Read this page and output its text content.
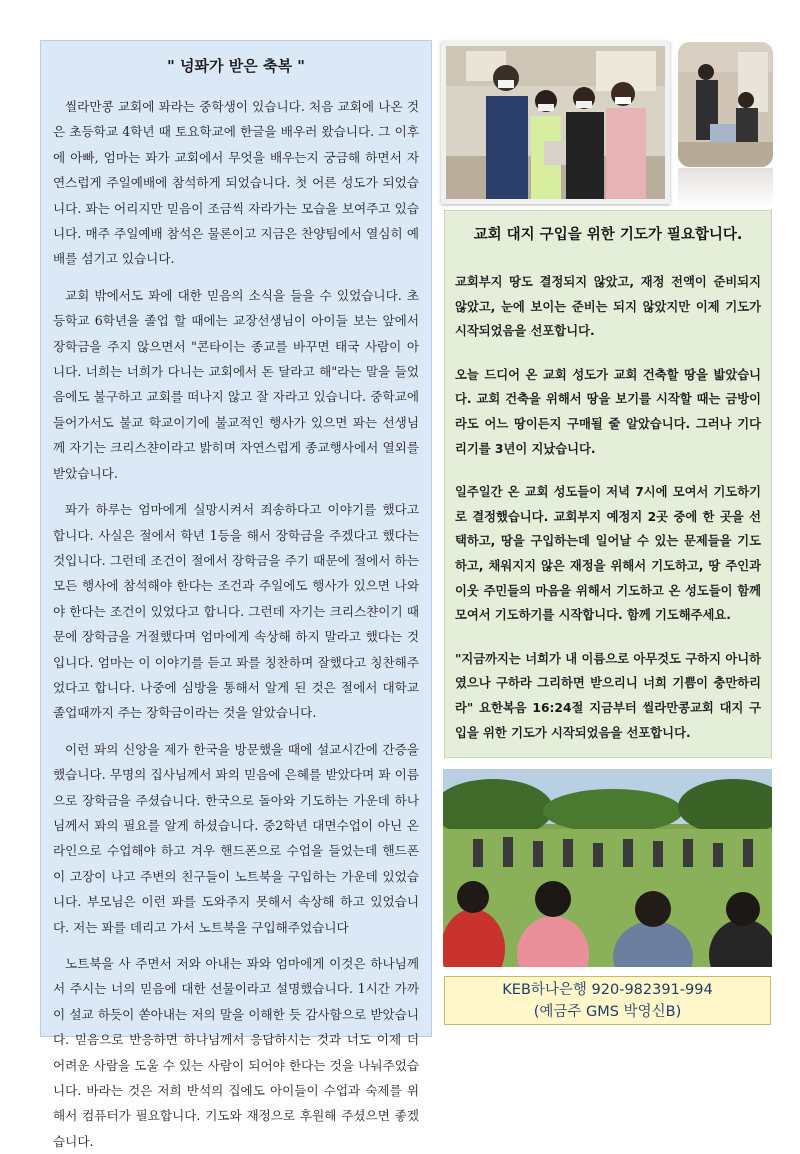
" 넝퐈가 받은 축복 "

씰라만콩 교회에 퐈라는 중학생이 있습니다. 처음 교회에 나온 것은 초등학교 4학년 때 토요학교에 한글을 배우러 왔습니다. 그 이후에 아빠, 엄마는 퐈가 교회에서 무엇을 배우는지 궁금해 하면서 자연스럽게 주일예배에 참석하게 되었습니다. 첫 어른 성도가 되었습니다. 퐈는 어리지만 믿음이 조금씩 자라가는 모습을 보여주고 있습니다. 매주 주일예배 참석은 물론이고 지금은 찬양팀에서 열심히 예배를 섬기고 있습니다.

교회 밖에서도 퐈에 대한 믿음의 소식을 들을 수 있었습니다. 초등학교 6학년을 졸업 할 때에는 교장선생님이 아이들 보는 앞에서 장학금을 주지 않으면서 "콘타이는 종교를 바꾸면 태국 사람이 아니다. 너희는 너희가 다니는 교회에서 돈 달라고 해"라는 말을 들었음에도 불구하고 교회를 떠나지 않고 잘 자라고 있습니다. 중학교에 들어가서도 불교 학교이기에 불교적인 행사가 있으면 퐈는 선생님께 자기는 크리스챤이라고 밝히며 자연스럽게 종교행사에서 열외를 받았습니다.

퐈가 하루는 엄마에게 실망시켜서 죄송하다고 이야기를 했다고 합니다. 사실은 절에서 학년 1등을 해서 장학금을 주겠다고 했다는 것입니다. 그런데 조건이 절에서 장학금을 주기 때문에 절에서 하는 모든 행사에 참석해야 한다는 조건과 주일에도 행사가 있으면 나와야 한다는 조건이 있었다고 합니다. 그런데 자기는 크리스챤이기 때문에 장학금을 거절했다며 엄마에게 속상해 하지 말라고 했다는 것입니다. 엄마는 이 이야기를 듣고 퐈를 칭찬하며 잘했다고 칭찬해주었다고 합니다. 나중에 심방을 통해서 알게 된 것은 절에서 대학교 졸업때까지 주는 장학금이라는 것을 알았습니다.

이런 퐈의 신앙을 제가 한국을 방문했을 때에 설교시간에 간증을 했습니다. 무명의 집사님께서 퐈의 믿음에 은혜를 받았다며 퐈 이름으로 장학금을 주셨습니다. 한국으로 돌아와 기도하는 가운데 하나님께서 퐈의 필요를 알게 하셨습니다. 중2학년 대면수업이 아닌 온라인으로 수업해야 하고 겨우 핸드폰으로 수업을 들었는데 핸드폰이 고장이 나고 주변의 친구들이 노트북을 구입하는 가운데 있었습니다. 부모님은 이런 퐈를 도와주지 못해서 속상해 하고 있었습니다. 저는 퐈를 데리고 가서 노트북을 구입해주었습니다

노트북을 사 주면서 저와 아내는 퐈와 엄마에게 이것은 하나님께서 주시는 너의 믿음에 대한 선물이라고 설명했습니다. 1시간 가까이 설교 하듯이 쏟아내는 저의 말을 이해한 듯 감사함으로 받았습니다. 믿음으로 반응하면 하나님께서 응답하시는 것과 너도 이제 더 어려운 사람을 도울 수 있는 사람이 되어야 한다는 것을 나눠주었습니다. 바라는 것은 저희 반석의 집에도 아이들이 수업과 숙제를 위해서 컴퓨터가 필요합니다. 기도와 재정으로 후원해 주셨으면 좋겠습니다.

교회 대지 구입을 위한 기도가 필요합니다.

교회부지 땅도 결정되지 않았고, 재정 전액이 준비되지 않았고, 눈에 보이는 준비는 되지 않았지만 이제 기도가 시작되었음을 선포합니다.

오늘 드디어 온 교회 성도가 교회 건축할 땅을 밟았습니다. 교회 건축을 위해서 땅을 보기를 시작할 때는 금방이라도 어느 땅이든지 구매될 줄 알았습니다. 그러나 기다리기를 3년이 지났습니다.

일주일간 온 교회 성도들이 저녁 7시에 모여서 기도하기로 결정했습니다. 교회부지 예정지 2곳 중에 한 곳을 선택하고, 땅을 구입하는데 일어날 수 있는 문제들을 기도하고, 채워지지 않은 재정을 위해서 기도하고, 땅 주인과 이웃 주민들의 마음을 위해서 기도하고 온 성도들이 함께 모여서 기도하기를 시작합니다. 함께 기도해주세요.

"지금까지는 너희가 내 이름으로 아무것도 구하지 아니하였으나 구하라 그리하면 받으리니 너희 기쁨이 충만하리라" 요한복음 16:24절 지금부터 씰라만콩교회 대지 구입을 위한 기도가 시작되었음을 선포합니다.

KEB하나은행 920-982391-994
(예금주 GMS 박영신B)
